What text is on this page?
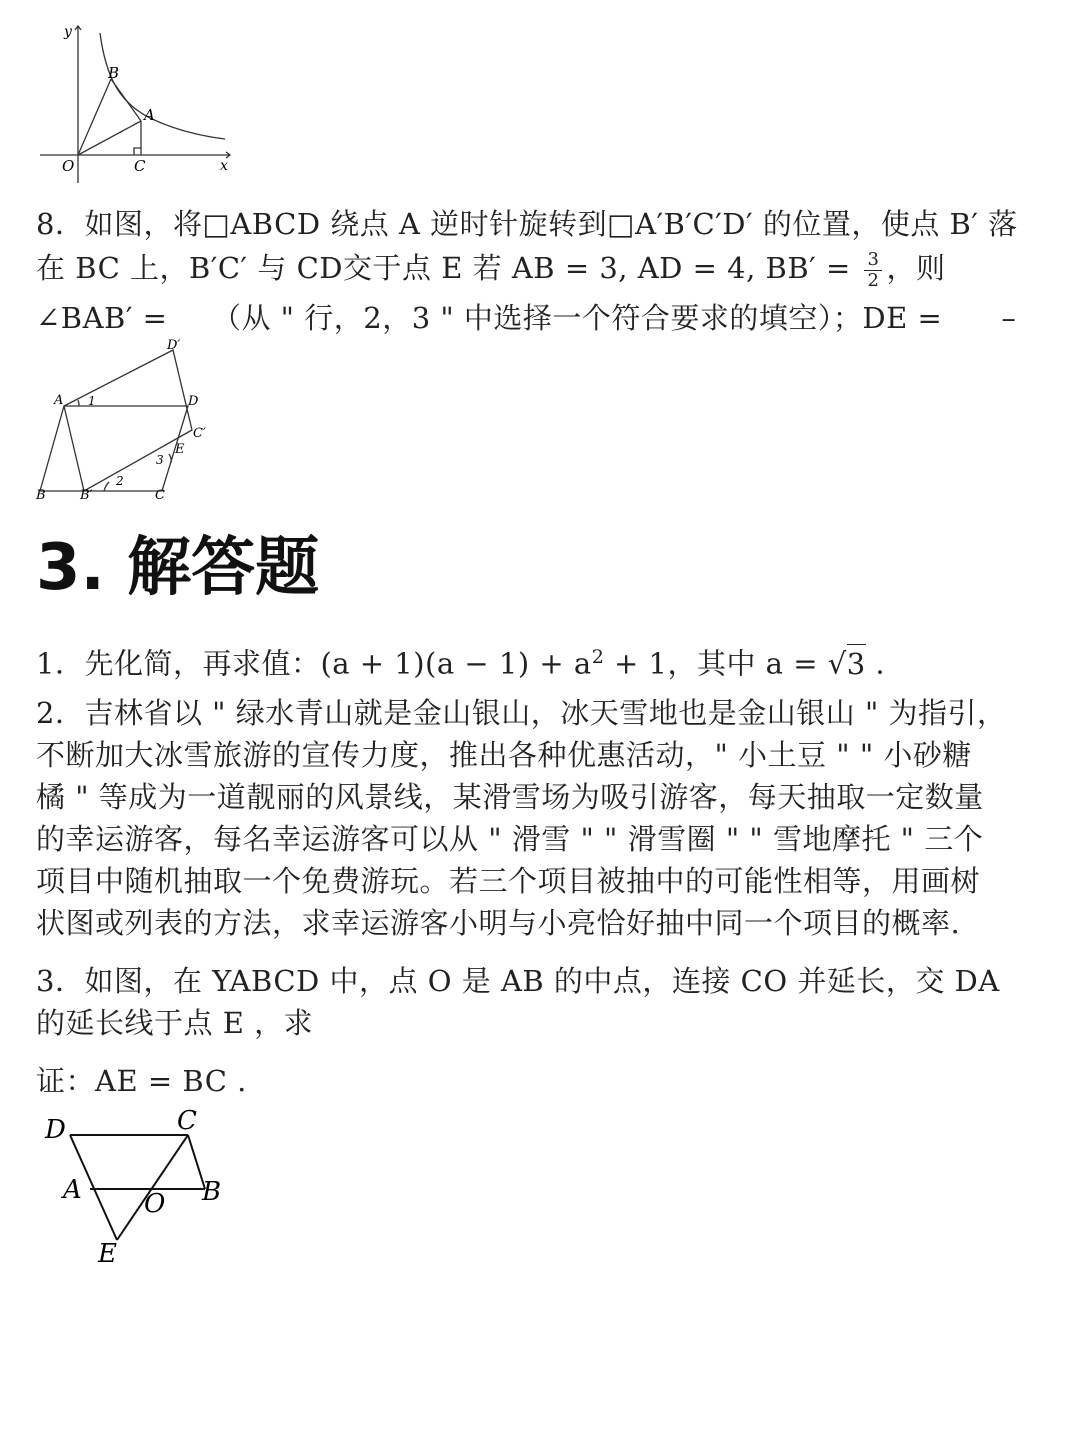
y
x
O
B
A
C
8．如图，将□ABCD 绕点 A 逆时针旋转到□A′B′C′D′ 的位置，使点 B′ 落
在 BC 上，B′C′ 与 CD交于点 E 若 AB = 3, AD = 4, $BB' = \frac{3}{2}$ ，则
∠BAB′ =　　（从 " 行，2，3 " 中选择一个符合要求的填空）；DE =　　–
D′
A 1	D
C′
E
3
2
B	B′	C
3. 解答题
1．先化简，再求值：$(a + 1)(a - 1) + a^2 + 1$，其中 a = √3 .
2．吉林省以 " 绿水青山就是金山银山，冰天雪地也是金山银山 " 为指引，
不断加大冰雪旅游的宣传力度，推出各种优惠活动，" 小土豆 " " 小砂糖
橘 " 等成为一道靓丽的风景线，某滑雪场为吸引游客，每天抽取一定数量
的幸运游客，每名幸运游客可以从 " 滑雪 " " 滑雪圈 " " 雪地摩托 " 三个
项目中随机抽取一个免费游玩。若三个项目被抽中的可能性相等，用画树
状图或列表的方法，求幸运游客小明与小亮恰好抽中同一个项目的概率.
3．如图，在 YABCD 中，点 O 是 AB 的中点，连接 CO 并延长，交 DA
的延长线于点 E ，求
证：AE = BC .
D	C
A O B
E
